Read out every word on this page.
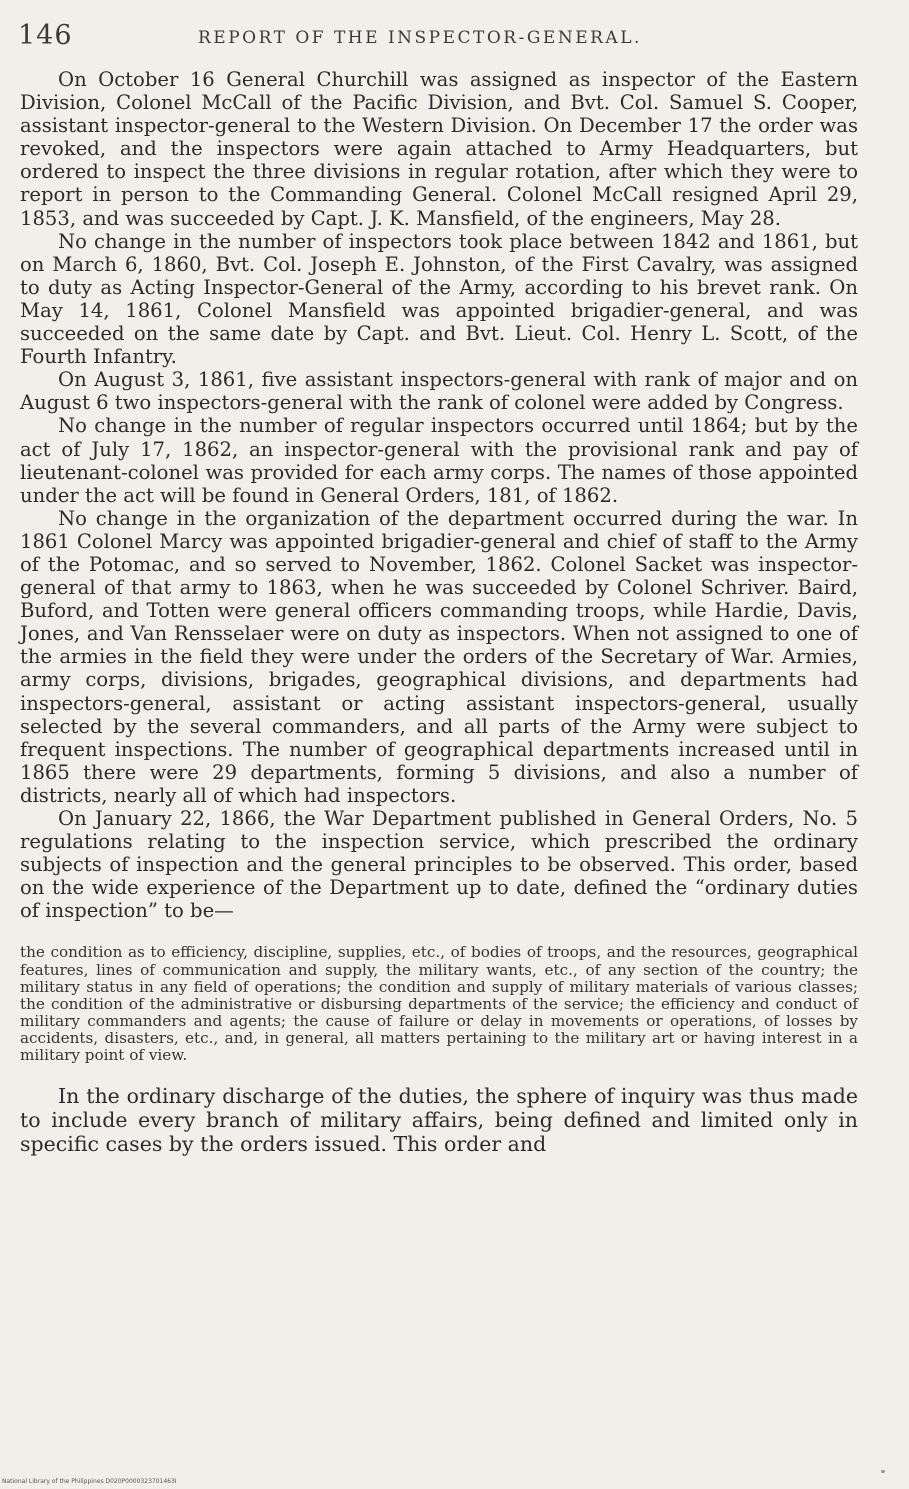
146	REPORT OF THE INSPECTOR-GENERAL.

On October 16 General Churchill was assigned as inspector of the Eastern Division, Colonel McCall of the Pacific Division, and Bvt. Col. Samuel S. Cooper, assistant inspector-general to the Western Division. On December 17 the order was revoked, and the inspectors were again attached to Army Headquarters, but ordered to inspect the three divisions in regular rotation, after which they were to report in person to the Commanding General. Colonel McCall resigned April 29, 1853, and was succeeded by Capt. J. K. Mansfield, of the engineers, May 28.

No change in the number of inspectors took place between 1842 and 1861, but on March 6, 1860, Bvt. Col. Joseph E. Johnston, of the First Cavalry, was assigned to duty as Acting Inspector-General of the Army, according to his brevet rank. On May 14, 1861, Colonel Mansfield was appointed brigadier-general, and was succeeded on the same date by Capt. and Bvt. Lieut. Col. Henry L. Scott, of the Fourth Infantry.

On August 3, 1861, five assistant inspectors-general with rank of major and on August 6 two inspectors-general with the rank of colonel were added by Congress.

No change in the number of regular inspectors occurred until 1864; but by the act of July 17, 1862, an inspector-general with the provisional rank and pay of lieutenant-colonel was provided for each army corps. The names of those appointed under the act will be found in General Orders, 181, of 1862.

No change in the organization of the department occurred during the war. In 1861 Colonel Marcy was appointed brigadier-general and chief of staff to the Army of the Potomac, and so served to November, 1862. Colonel Sacket was inspector-general of that army to 1863, when he was succeeded by Colonel Schriver. Baird, Buford, and Totten were general officers commanding troops, while Hardie, Davis, Jones, and Van Rensselaer were on duty as inspectors. When not assigned to one of the armies in the field they were under the orders of the Secretary of War. Armies, army corps, divisions, brigades, geographical divisions, and departments had inspectors-general, assistant or acting assistant inspectors-general, usually selected by the several commanders, and all parts of the Army were subject to frequent inspections. The number of geographical departments increased until in 1865 there were 29 departments, forming 5 divisions, and also a number of districts, nearly all of which had inspectors.

On January 22, 1866, the War Department published in General Orders, No. 5 regulations relating to the inspection service, which prescribed the ordinary subjects of inspection and the general principles to be observed. This order, based on the wide experience of the Department up to date, defined the “ordinary duties of inspection” to be—

the condition as to efficiency, discipline, supplies, etc., of bodies of troops, and the resources, geographical features, lines of communication and supply, the military wants, etc., of any section of the country; the military status in any field of operations; the condition and supply of military materials of various classes; the condition of the administrative or disbursing departments of the service; the efficiency and conduct of military commanders and agents; the cause of failure or delay in movements or operations, of losses by accidents, disasters, etc., and, in general, all matters pertaining to the military art or having interest in a military point of view.

In the ordinary discharge of the duties, the sphere of inquiry was thus made to include every branch of military affairs, being defined and limited only in specific cases by the orders issued. This order and

National Library of the Philippines D020P0000323701463I
